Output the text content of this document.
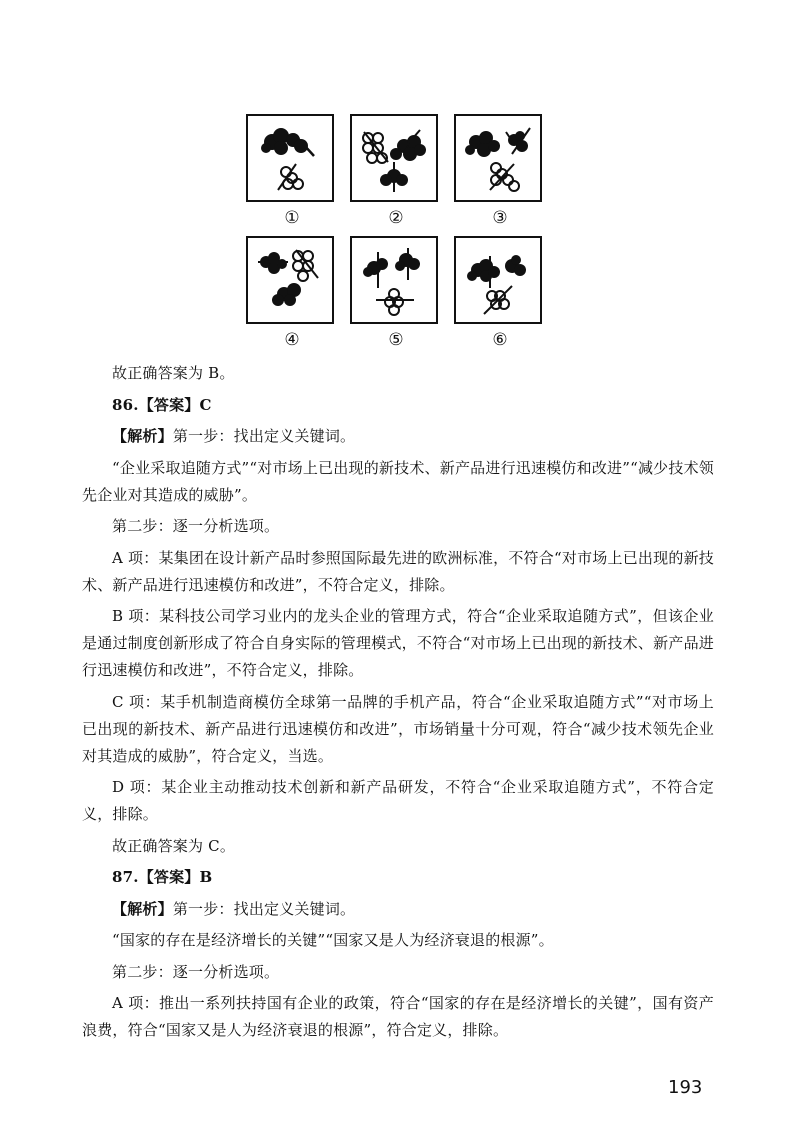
①	②	③
④	⑤	⑥

故正确答案为 B。

86.【答案】C

【解析】第一步：找出定义关键词。

“企业采取追随方式”“对市场上已出现的新技术、新产品进行迅速模仿和改进”“减少技术领先企业对其造成的威胁”。

第二步：逐一分析选项。

A 项：某集团在设计新产品时参照国际最先进的欧洲标准，不符合“对市场上已出现的新技术、新产品进行迅速模仿和改进”，不符合定义，排除。

B 项：某科技公司学习业内的龙头企业的管理方式，符合“企业采取追随方式”，但该企业是通过制度创新形成了符合自身实际的管理模式，不符合“对市场上已出现的新技术、新产品进行迅速模仿和改进”，不符合定义，排除。

C 项：某手机制造商模仿全球第一品牌的手机产品，符合“企业采取追随方式”“对市场上已出现的新技术、新产品进行迅速模仿和改进”，市场销量十分可观，符合“减少技术领先企业对其造成的威胁”，符合定义，当选。

D 项：某企业主动推动技术创新和新产品研发，不符合“企业采取追随方式”，不符合定义，排除。

故正确答案为 C。

87.【答案】B

【解析】第一步：找出定义关键词。

“国家的存在是经济增长的关键”“国家又是人为经济衰退的根源”。

第二步：逐一分析选项。

A 项：推出一系列扶持国有企业的政策，符合“国家的存在是经济增长的关键”，国有资产浪费，符合“国家又是人为经济衰退的根源”，符合定义，排除。

193
